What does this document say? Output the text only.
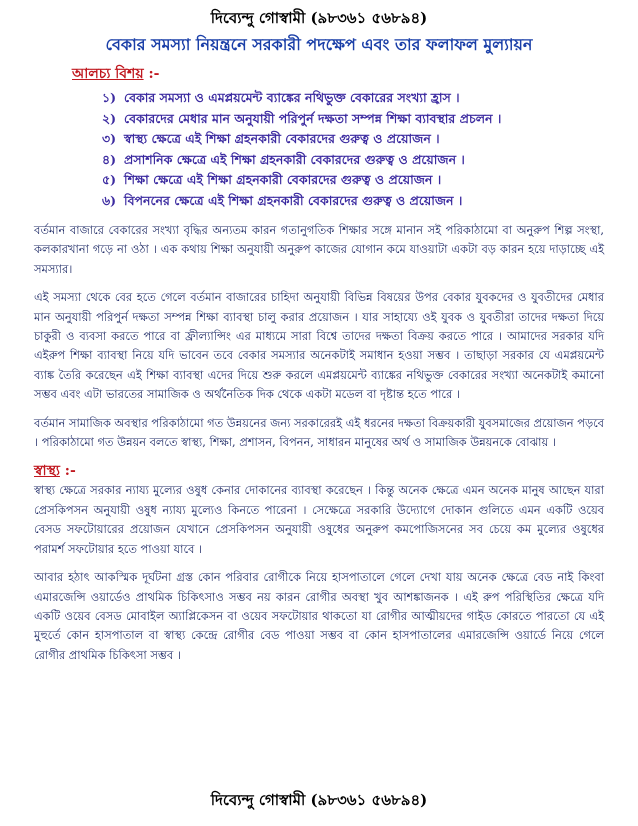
দিব্যেন্দু গোস্বামী (৯৮৩৬১ ৫৬৮৯৪)

বেকার সমস্যা নিয়ন্ত্রনে সরকারী পদক্ষেপ এবং তার ফলাফল মুল্যায়ন
আলচ্য বিশয় :-
১) বেকার সমস্যা ও এমপ্লয়মেন্ট ব্যাঙ্কের নথিভুক্ত বেকারের সংখ্যা হ্রাস ।
২) বেকারদের মেধার মান অনুযায়ী পরিপুর্ন দক্ষতা সম্পন্ন শিক্ষা ব্যাবস্থার প্রচলন ।
৩) স্বাস্থ্য ক্ষেত্রে এই শিক্ষা গ্রহনকারী বেকারদের গুরুত্ব ও প্রয়োজন ।
৪) প্রসাশনিক ক্ষেত্রে এই শিক্ষা গ্রহনকারী বেকারদের গুরুত্ব ও প্রয়োজন ।
৫) শিক্ষা ক্ষেত্রে এই শিক্ষা গ্রহনকারী বেকারদের গুরুত্ব ও প্রয়োজন ।
৬) বিপননের ক্ষেত্রে এই শিক্ষা গ্রহনকারী বেকারদের গুরুত্ব ও প্রয়োজন ।

বর্তমান বাজারে বেকারের সংখ্যা বৃদ্ধির অন্যতম কারন গতানুগতিক শিক্ষার সঙ্গে মানান সই পরিকাঠামো বা অনুরুপ শিল্প সংস্থা, কলকারখানা গড়ে না ওঠা । এক কথায় শিক্ষা অনুযায়ী অনুরুপ কাজের যোগান কমে যাওয়াটা একটা বড় কারন হয়ে দাড়াচ্ছে এই সমস্যার।

এই সমস্যা থেকে বের হতে গেলে বর্তমান বাজারের চাহিদা অনুযায়ী বিভিন্ন বিষয়ের উপর বেকার যুবকদের ও যুবতীদের মেধার মান অনুযায়ী পরিপুর্ন দক্ষতা সম্পন্ন শিক্ষা ব্যাবস্থা চালু করার প্রয়োজন । যার সাহায্যে ওই যুবক ও যুবতীরা তাদের দক্ষতা দিয়ে চাকুরী ও ব্যবসা করতে পারে বা ফ্রীল্যান্সিং এর মাধ্যমে সারা বিশ্বে তাদের দক্ষতা বিক্রয় করতে পারে । আমাদের সরকার যদি এইরুপ শিক্ষা ব্যাবস্থা নিয়ে যদি ভাবেন তবে বেকার সমস্যার অনেকটাই সমাধান হওয়া সম্ভব । তাছাড়া সরকার যে এমপ্লয়মেন্ট ব্যাঙ্ক তৈরি করেছেন এই শিক্ষা ব্যাবস্থা এদের দিয়ে শুরু করলে এমপ্লয়মেন্ট ব্যাঙ্কের নথিভুক্ত বেকারের সংখ্যা অনেকটাই কমানো সম্ভব এবং এটা ভারতের সামাজিক ও অর্থনৈতিক দিক থেকে একটা মডেল বা দৃষ্টান্ত হতে পারে ।

বর্তমান সামাজিক অবস্থার পরিকাঠামো গত উন্নয়নের জন্য সরকারেরই এই ধরনের দক্ষতা বিক্রয়কারী যুবসমাজের প্রয়োজন পড়বে । পরিকাঠামো গত উন্নয়ন বলতে স্বাস্থ্য, শিক্ষা, প্রশাসন, বিপনন, সাধারন মানুষের অর্থ ও সামাজিক উন্নয়নকে বোঝায় ।

স্বাস্থ্য :-

স্বাস্থ্য ক্ষেত্রে সরকার ন্যায্য মুল্যের ওষুধ কেনার দোকানের ব্যাবস্থা করেছেন । কিন্তু অনেক ক্ষেত্রে এমন অনেক মানুষ আছেন যারা প্রেসকিপসন অনুযায়ী ওষুধ ন্যায্য মুল্যেও কিনতে পারেনা । সেক্ষেত্রে সরকারি উদ্যোগে দোকান গুলিতে এমন একটি ওয়েব বেসড সফটোয়ারের প্রয়োজন যেখানে প্রেসকিপসন অনুযায়ী ওষুধের অনুরুপ কমপোজিসনের সব চেয়ে কম মুল্যের ওষুধের পরামর্শ সফটোয়ার হতে পাওয়া যাবে ।

আবার হঠাৎ আকস্মিক দূর্ঘটনা গ্রস্ত কোন পরিবার রোগীকে নিয়ে হাসপাতালে গেলে দেখা যায় অনেক ক্ষেত্রে বেড নাই কিংবা এমারজেন্সি ওয়ার্ডেও প্রাথমিক চিকিৎসাও সম্ভব নয় কারন রোগীর অবস্থা খুব আশঙ্কাজনক । এই রুপ পরিস্থিতির ক্ষেত্রে যদি একটি ওয়েব বেসড মোবাইল অ্যাপ্লিকেসন বা ওয়েব সফটোয়ার থাকতো যা রোগীর আত্মীয়দের গাইড কোরতে পারতো যে এই মুহুর্তে কোন হাসপাতাল বা স্বাস্থ্য কেন্দ্রে রোগীর বেড পাওয়া সম্ভব বা কোন হাসপাতালের এমারজেন্সি ওয়ার্ডে নিয়ে গেলে রোগীর প্রাথমিক চিকিৎসা সম্ভব ।

দিব্যেন্দু গোস্বামী (৯৮৩৬১ ৫৬৮৯৪)
